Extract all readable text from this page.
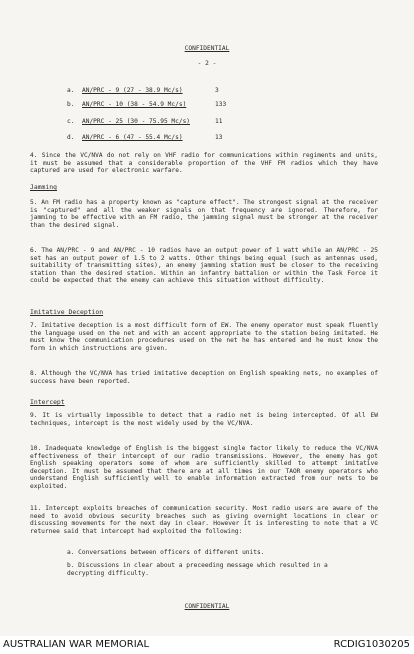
CONFIDENTIAL
- 2 -
a. AN/PRC - 9 (27 - 38.9 Mc/s)	3
b. AN/PRC - 10 (38 - 54.9 Mc/s)	133
c. AN/PRC - 25 (30 - 75.95 Mc/s)	11
d. AN/PRC - 6 (47 - 55.4 Mc/s)	13
4. Since the VC/NVA do not rely on VHF radio for communications within regiments and units, it must be assumed that a considerable proportion of the VHF FM radios which they have captured are used for electronic warfare.
Jamming
5. An FM radio has a property known as "capture effect". The strongest signal at the receiver is "captured" and all the weaker signals on that frequency are ignored. Therefore, for jamming to be effective with an FM radio, the jamming signal must be stronger at the receiver than the desired signal.
6. The AN/PRC - 9 and AN/PRC - 10 radios have an output power of 1 watt while an AN/PRC - 25 set has an output power of 1.5 to 2 watts. Other things being equal (such as antennas used, suitability of transmitting sites), an enemy jamming station must be closer to the receiving station than the desired station. Within an infantry battalion or within the Task Force it could be expected that the enemy can achieve this situation without difficulty.
Imitative Deception
7. Imitative deception is a most difficult form of EW. The enemy operator must speak fluently the language used on the net and with an accent appropriate to the station being imitated. He must know the communication procedures used on the net he has entered and he must know the form in which instructions are given.
8. Although the VC/NVA has tried imitative deception on English speaking nets, no examples of success have been reported.
Intercept
9. It is virtually impossible to detect that a radio net is being intercepted. Of all EW techniques, intercept is the most widely used by the VC/NVA.
10. Inadequate knowledge of English is the biggest single factor likely to reduce the VC/NVA effectiveness of their intercept of our radio transmissions. However, the enemy has got English speaking operators some of whom are sufficiently skilled to attempt imitative deception. It must be assumed that there are at all times in our TAOR enemy operators who understand English sufficiently well to enable information extracted from our nets to be exploited.
11. Intercept exploits breaches of communication security. Most radio users are aware of the need to avoid obvious security breaches such as giving overnight locations in clear or discussing movements for the next day in clear. However it is interesting to note that a VC returnee said that intercept had exploited the following:
a. Conversations between officers of different units.
b. Discussions in clear about a preceeding message which resulted in a decrypting difficulty.
CONFIDENTIAL
AUSTRALIAN WAR MEMORIAL	RCDIG1030205
